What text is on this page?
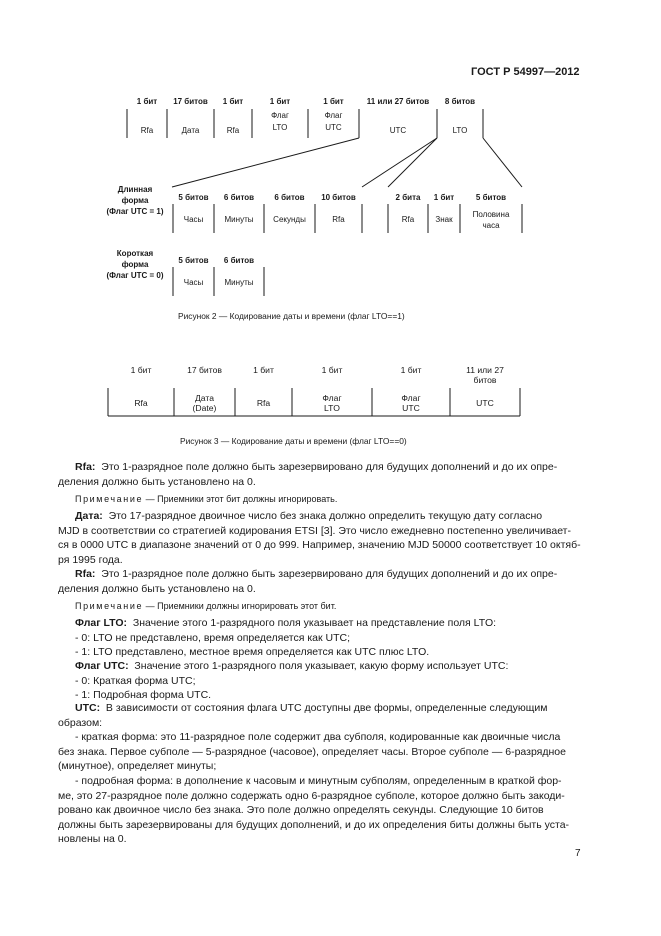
ГОСТ Р 54997—2012
1 бит
Rfa
17 битов
Дата
1 бит
Rfa
1 бит
Флаг
LTO
1 бит
Флаг
UTC
11 или 27 битов
UTC
8 битов
LTO
Длинная
форма
(Флаг UTC = 1)
5 битов
Часы
6 битов
Минуты
6 битов
Секунды
10 битов
Rfa
2 бита
Rfa
1 бит
Знак
5 битов
Половина
часа
Короткая
форма
(Флаг UTC = 0)
5 битов
Часы
6 битов
Минуты
Рисунок 2 — Кодирование даты и времени (флаг LTO==1)
1 бит
Rfa
17 битов
Дата
(Date)
1 бит
Rfa
1 бит
Флаг
LTO
1 бит
Флаг
UTC
11 или 27
битов
UTC
Рисунок 3 — Кодирование даты и времени (флаг LTO==0)
Rfa: Это 1-разрядное поле должно быть зарезервировано для будущих дополнений и до их опре-
деления должно быть установлено на 0.
Примечание — Приемники этот бит должны игнорировать.
Дата: Это 17-разрядное двоичное число без знака должно определить текущую дату согласно
MJD в соответствии со стратегией кодирования ETSI [3]. Это число ежедневно постепенно увеличивает-
ся в 0000 UTC в диапазоне значений от 0 до 999. Например, значению MJD 50000 соответствует 10 октяб-
ря 1995 года.
Rfa: Это 1-разрядное поле должно быть зарезервировано для будущих дополнений и до их опре-
деления должно быть установлено на 0.
Примечание — Приемники должны игнорировать этот бит.
Флаг LTO: Значение этого 1-разрядного поля указывает на представление поля LTO:
- 0: LTO не представлено, время определяется как UTC;
- 1: LTO представлено, местное время определяется как UTC плюс LTO.
Флаг UTC: Значение этого 1-разрядного поля указывает, какую форму использует UTC:
- 0: Краткая форма UTC;
- 1: Подробная форма UTC.
UTC: В зависимости от состояния флага UTC доступны две формы, определенные следующим
образом:
- краткая форма: это 11-разрядное поле содержит два субполя, кодированные как двоичные числа
без знака. Первое субполе — 5-разрядное (часовое), определяет часы. Второе субполе — 6-разрядное
(минутное), определяет минуты;
- подробная форма: в дополнение к часовым и минутным субполям, определенным в краткой фор-
ме, это 27-разрядное поле должно содержать одно 6-разрядное субполе, которое должно быть закоди-
ровано как двоичное число без знака. Это поле должно определять секунды. Следующие 10 битов
должны быть зарезервированы для будущих дополнений, и до их определения биты должны быть уста-
новлены на 0.
7
